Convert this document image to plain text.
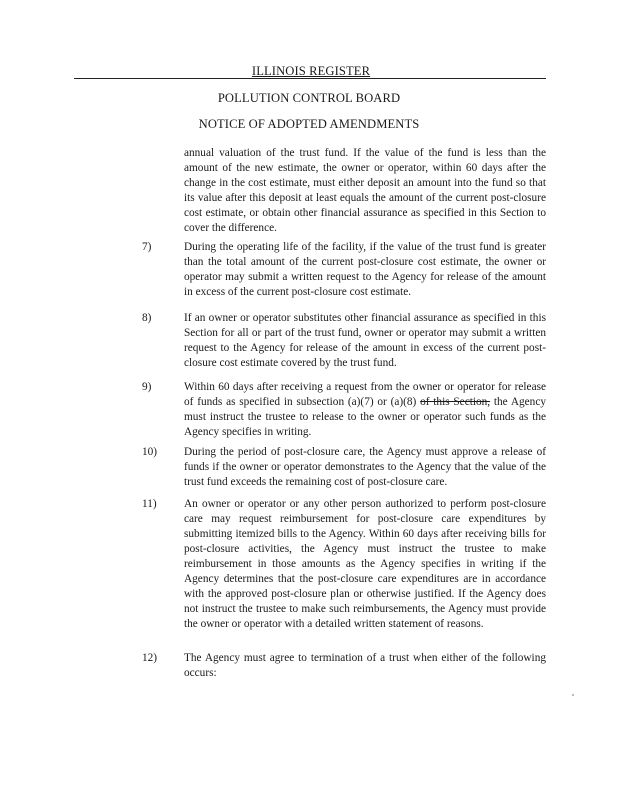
ILLINOIS REGISTER
POLLUTION CONTROL BOARD
NOTICE OF ADOPTED AMENDMENTS
annual valuation of the trust fund. If the value of the fund is less than the amount of the new estimate, the owner or operator, within 60 days after the change in the cost estimate, must either deposit an amount into the fund so that its value after this deposit at least equals the amount of the current post-closure cost estimate, or obtain other financial assurance as specified in this Section to cover the difference.
7)	During the operating life of the facility, if the value of the trust fund is greater than the total amount of the current post-closure cost estimate, the owner or operator may submit a written request to the Agency for release of the amount in excess of the current post-closure cost estimate.
8)	If an owner or operator substitutes other financial assurance as specified in this Section for all or part of the trust fund, owner or operator may submit a written request to the Agency for release of the amount in excess of the current post-closure cost estimate covered by the trust fund.
9)	Within 60 days after receiving a request from the owner or operator for release of funds as specified in subsection (a)(7) or (a)(8) of this Section, the Agency must instruct the trustee to release to the owner or operator such funds as the Agency specifies in writing.
10) During the period of post-closure care, the Agency must approve a release of funds if the owner or operator demonstrates to the Agency that the value of the trust fund exceeds the remaining cost of post-closure care.
11) An owner or operator or any other person authorized to perform post-closure care may request reimbursement for post-closure care expenditures by submitting itemized bills to the Agency. Within 60 days after receiving bills for post-closure activities, the Agency must instruct the trustee to make reimbursement in those amounts as the Agency specifies in writing if the Agency determines that the post-closure care expenditures are in accordance with the approved post-closure plan or otherwise justified. If the Agency does not instruct the trustee to make such reimbursements, the Agency must provide the owner or operator with a detailed written statement of reasons.
12) The Agency must agree to termination of a trust when either of the following occurs:
